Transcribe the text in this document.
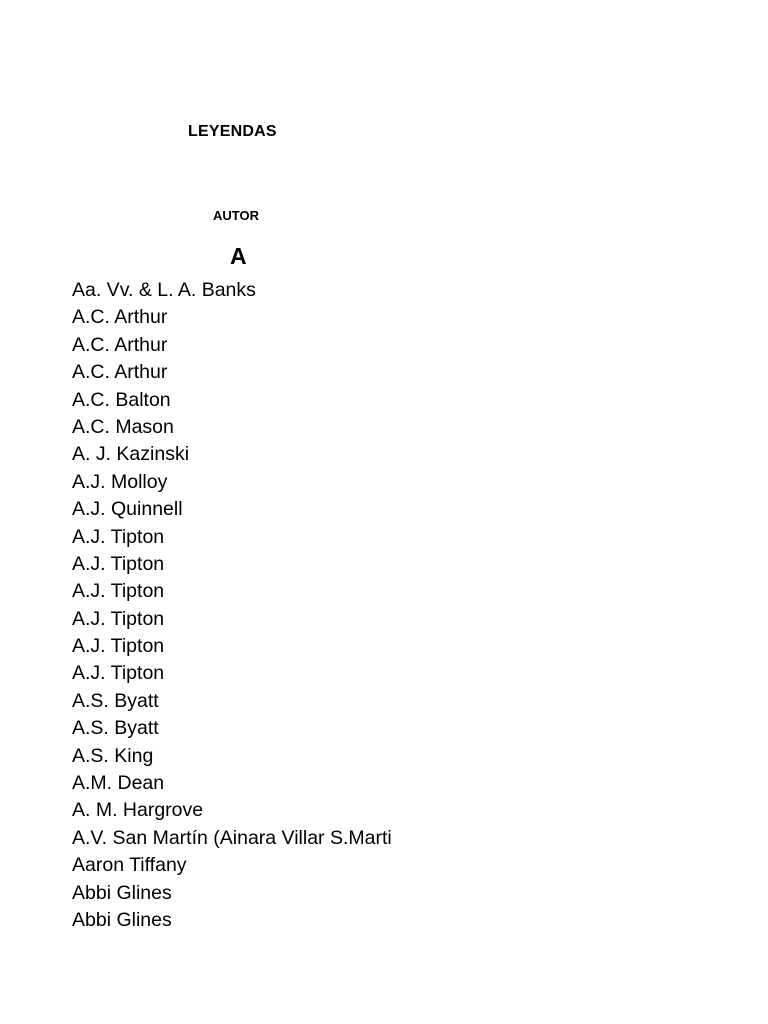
LEYENDAS
AUTOR
A
Aa. Vv. & L. A. Banks
A.C. Arthur
A.C. Arthur
A.C. Arthur
A.C. Balton
A.C. Mason
A. J. Kazinski
A.J. Molloy
A.J. Quinnell
A.J. Tipton
A.J. Tipton
A.J. Tipton
A.J. Tipton
A.J. Tipton
A.J. Tipton
A.S. Byatt
A.S. Byatt
A.S. King
A.M. Dean
A. M. Hargrove
A.V. San Martín (Ainara Villar S.Marti
Aaron Tiffany
Abbi Glines
Abbi Glines
